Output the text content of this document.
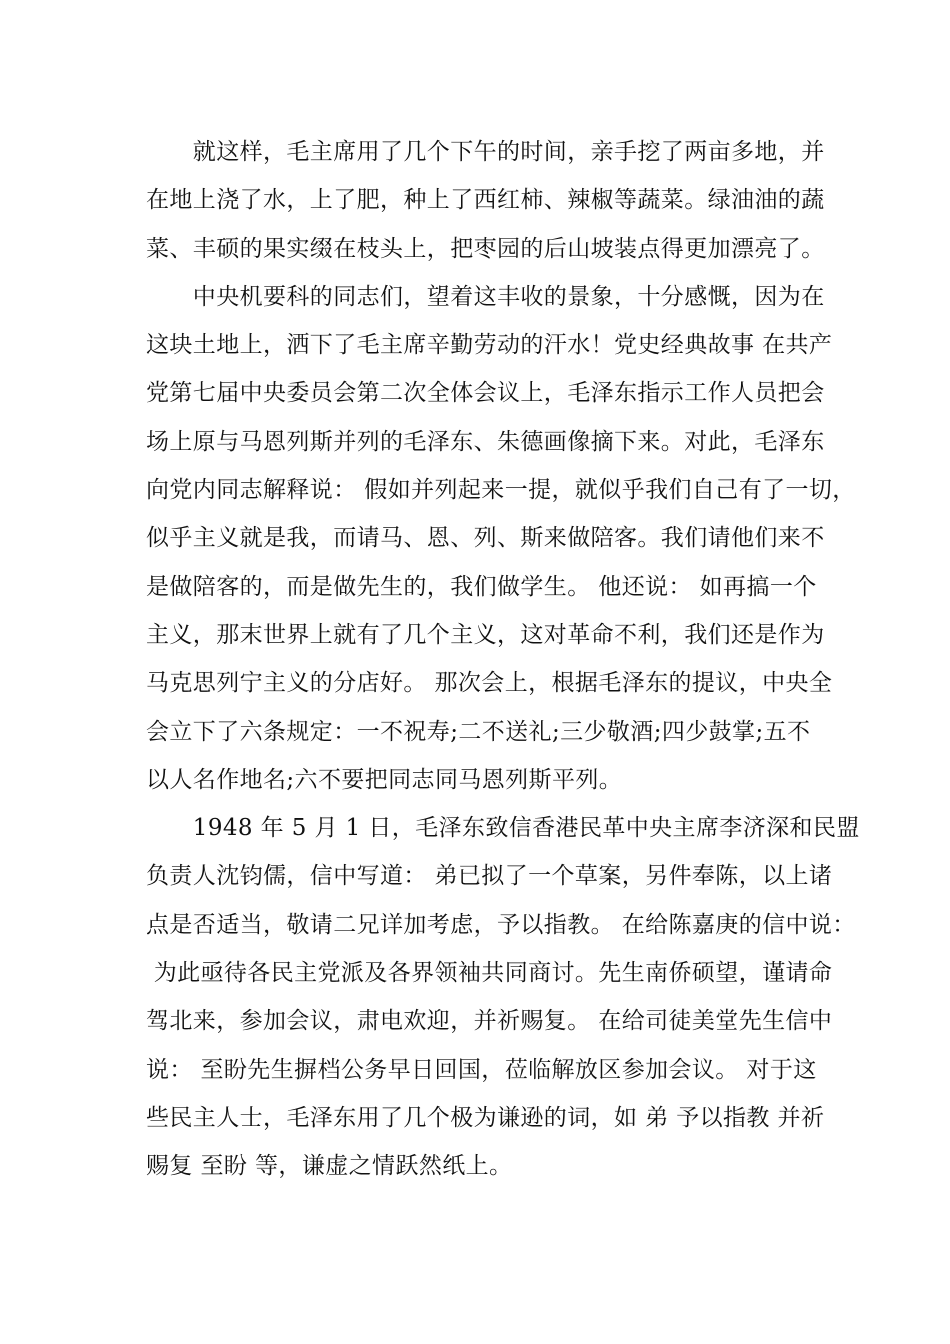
　　就这样，毛主席用了几个下午的时间，亲手挖了两亩多地，并
在地上浇了水，上了肥，种上了西红柿、辣椒等蔬菜。绿油油的蔬
菜、丰硕的果实缀在枝头上，把枣园的后山坡装点得更加漂亮了。
　　中央机要科的同志们，望着这丰收的景象，十分感慨，因为在
这块土地上，洒下了毛主席辛勤劳动的汗水！党史经典故事 在共产
党第七届中央委员会第二次全体会议上，毛泽东指示工作人员把会
场上原与马恩列斯并列的毛泽东、朱德画像摘下来。对此，毛泽东
向党内同志解释说： 假如并列起来一提，就似乎我们自己有了一切，
似乎主义就是我，而请马、恩、列、斯来做陪客。我们请他们来不
是做陪客的，而是做先生的，我们做学生。 他还说： 如再搞一个
主义，那末世界上就有了几个主义，这对革命不利，我们还是作为
马克思列宁主义的分店好。 那次会上，根据毛泽东的提议，中央全
会立下了六条规定：一不祝寿;二不送礼;三少敬酒;四少鼓掌;五不
以人名作地名;六不要把同志同马恩列斯平列。
　　1948 年 5 月 1 日，毛泽东致信香港民革中央主席李济深和民盟
负责人沈钧儒，信中写道： 弟已拟了一个草案，另件奉陈，以上诸
点是否适当，敬请二兄详加考虑，予以指教。 在给陈嘉庚的信中说：
为此亟待各民主党派及各界领袖共同商讨。先生南侨硕望，谨请命
驾北来，参加会议，肃电欢迎，并祈赐复。 在给司徒美堂先生信中
说： 至盼先生摒档公务早日回国，莅临解放区参加会议。 对于这
些民主人士，毛泽东用了几个极为谦逊的词，如 弟 予以指教 并祈
赐复 至盼 等，谦虚之情跃然纸上。
